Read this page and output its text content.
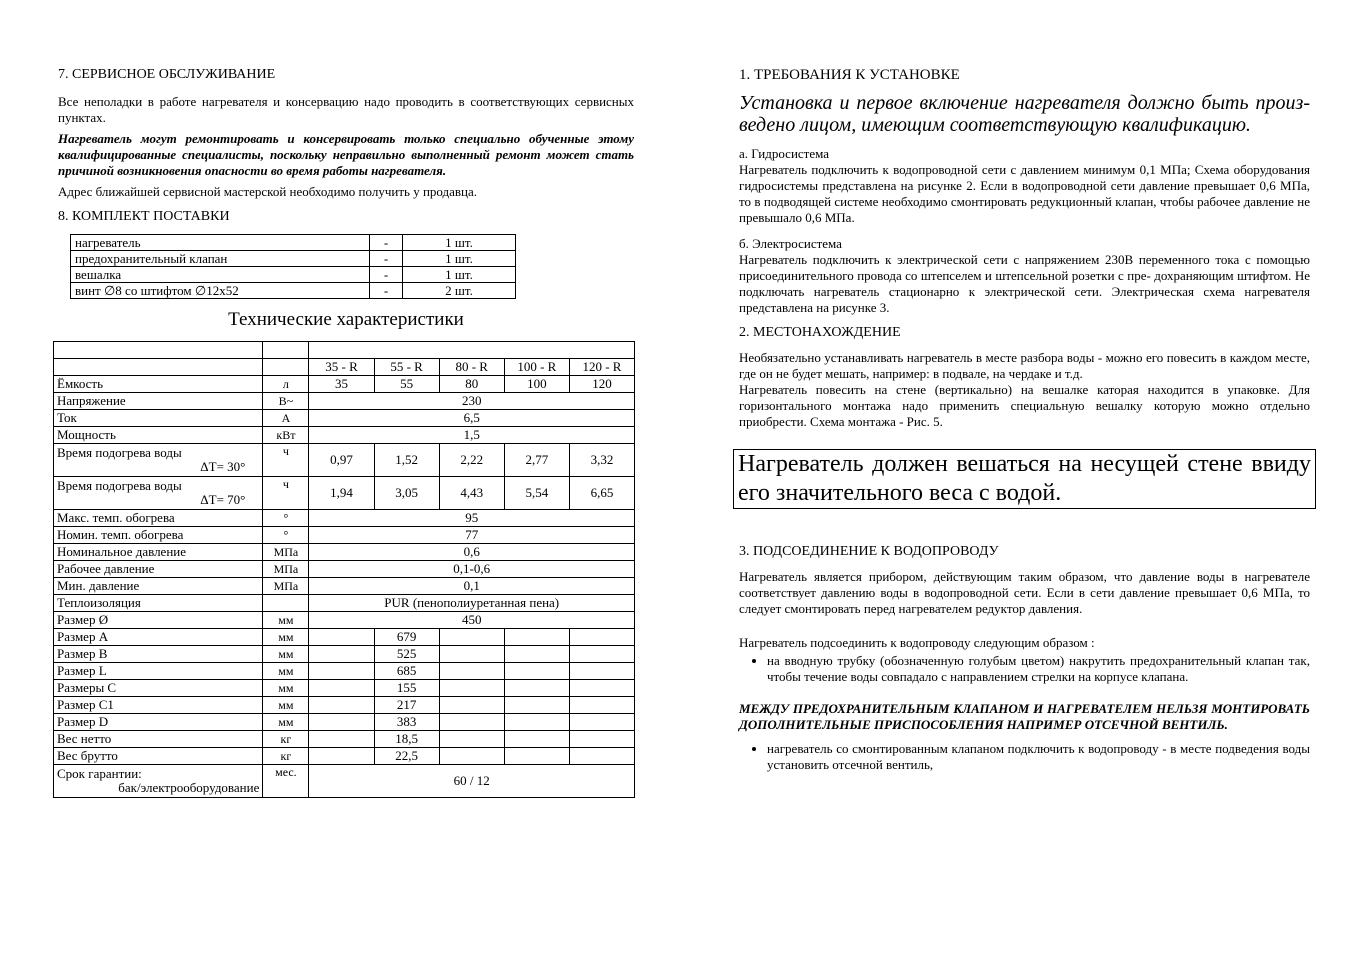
7. СЕРВИСНОЕ ОБСЛУЖИВАНИЕ

Все неполадки в работе нагревателя и консервацию надо проводить в соответствующих сервисных пунктах.

Нагреватель могут ремонтировать и консервировать только специально обученные этому квалифицированные специалисты, поскольку неправильно выполненный ремонт может стать причиной возникновения опасности во время работы нагревателя.

Адрес ближайшей сервисной мастерской необходимо получить у продавца.

8. КОМПЛЕКТ ПОСТАВКИ
нагреватель	-	1 шт.
предохранительный клапан	-	1 шт.
вешалка	-	1 шт.
винт ∅8 со штифтом ∅12x52	-	2 шт.
Технические характеристики

		35 - R	55 - R	80 - R	100 - R	120 - R
Ёмкость	л	35	55	80	100	120
Напряжение	В~	230				
Ток	А	6,5				
Мощность	кВт	1,5				

Время подогрева воды
ΔТ= 30°	ч	0,97	1,52	2,22	2,77	3,32

Время подогрева воды
ΔТ= 70°	ч	1,94	3,05	4,43	5,54	6,65
Макс. темп. обогрева	°	95				
Номин. темп. обогрева	°	77				
Номинальное давление	МПа	0,6				
Рабочее давление	МПа	0,1-0,6				
Мин. давление	МПа	0,1				
Теплоизоляция		PUR (пенополиуретанная пена)				
Размер Ø	мм	450				
Размер A	мм		679			
Размер B	мм		525			
Размер L	мм		685			
Размеры C	мм		155			
Размер C1	мм		217			
Размер D	мм		383			
Вес нетто	кг		18,5			
Вес брутто	кг		22,5			

Срок гарантии:
бак/электрооборудование	мес.	60 / 12				
1. ТРЕБОВАНИЯ К УСТАНОВКЕ
Установка и первое включение нагревателя должно быть произ- ведено лицом, имеющим соответствующую квалификацию.
а. Гидросистема

Нагреватель подключить к водопроводной сети с давлением минимум 0,1 МПа; Схема оборудования гидросистемы представлена на рисунке 2. Если в водопроводной сети давление превышает 0,6 МПа, то в подводящей системе необходимо смонтировать редукционный клапан, чтобы рабочее давление не превышало 0,6 МПа.

б. Электросистема

Нагреватель подключить к электрической сети с напряжением 230В переменного тока с помощью присоединительного провода со штепселем и штепсельной розетки с пре- дохраняющим штифтом. Не подключать нагреватель стационарно к электрической сети. Электрическая схема нагревателя представлена на рисунке 3.

2. МЕСТОНАХОЖДЕНИЕ

Необязательно устанавливать нагреватель в месте разбора воды - можно его повесить в каждом месте, где он не будет мешать, например: в подвале, на чердаке и т.д.

Нагреватель повесить на стене (вертикально) на вешалке каторая находится в упаковке. Для горизонтального монтажа надо применить специальную вешалку которую можно отдельно приобрести. Схема монтажа - Рис. 5.

Нагреватель должен вешаться на несущей стене ввиду его значительного веса с водой.
3. ПОДСОЕДИНЕНИЕ К ВОДОПРОВОДУ

Нагреватель является прибором, действующим таким образом, что давление воды в нагревателе соответствует давлению воды в водопроводной сети. Если в сети давление превышает 0,6 МПа, то следует смонтировать перед нагревателем редуктор давления.

Нагреватель подсоединить к водопроводу следующим образом :

• на вводную трубку (обозначенную голубым цветом) накрутить предохранительный клапан так, чтобы течение воды совпадало с направлением стрелки на корпусе клапана.
МЕЖДУ ПРЕДОХРАНИТЕЛЬНЫМ КЛАПАНОМ И НАГРЕВАТЕЛЕМ НЕЛЬЗЯ МОНТИРОВАТЬ ДОПОЛНИТЕЛЬНЫЕ ПРИСПОСОБЛЕНИЯ НАПРИМЕР ОТСЕЧНОЙ ВЕНТИЛЬ.
• нагреватель со смонтированным клапаном подключить к водопроводу - в месте подведения воды установить отсечной вентиль,
